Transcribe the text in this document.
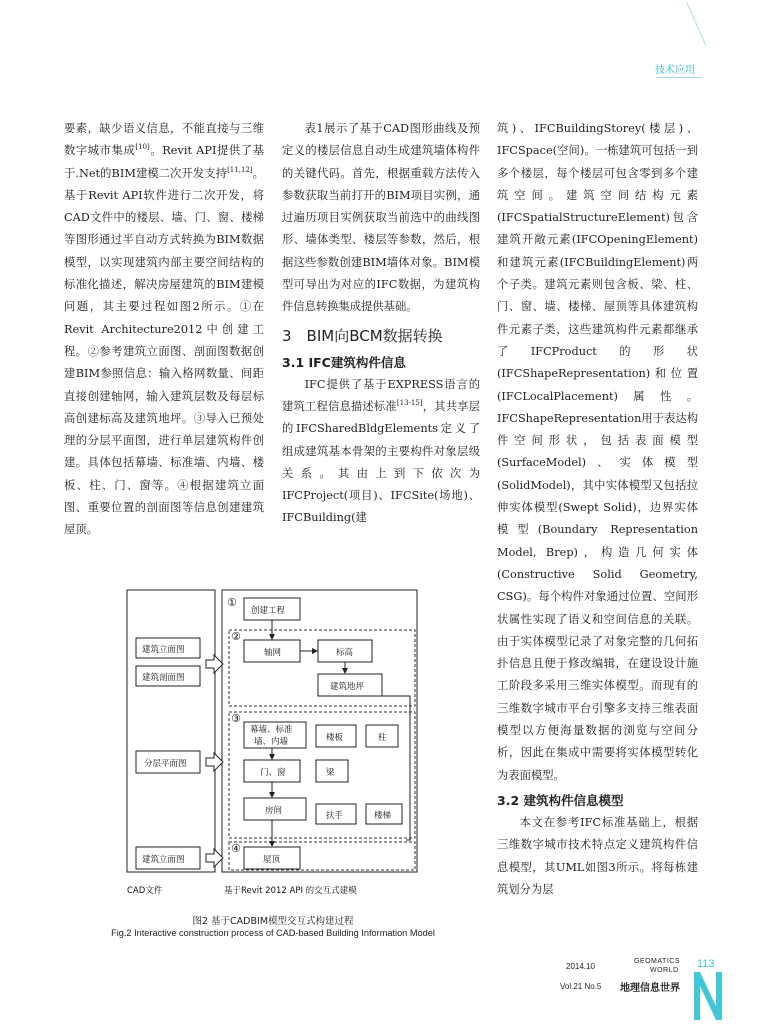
技术应用

要素，缺少语义信息，不能直接与三维数字城市集成[10]。Revit API提供了基于.Net的BIM建模二次开发支持[11,12]。基于Revit API软件进行二次开发，将CAD文件中的楼层、墙、门、窗、楼梯等图形通过半自动方式转换为BIM数据模型，以实现建筑内部主要空间结构的标准化描述，解决房屋建筑的BIM建模问题，其主要过程如图2所示。①在Revit Architecture2012中创建工程。②参考建筑立面图、剖面图数据创建BIM参照信息：输入格网数量、间距直接创建轴网，输入建筑层数及每层标高创建标高及建筑地坪。③导入已预处理的分层平面图，进行单层建筑构件创建。具体包括幕墙、标准墙、内墙、楼板、柱、门、窗等。④根据建筑立面图、重要位置的剖面图等信息创建建筑屋顶。

表1展示了基于CAD图形曲线及预定义的楼层信息自动生成建筑墙体构件的关键代码。首先，根据重载方法传入参数获取当前打开的BIM项目实例，通过遍历项目实例获取当前选中的曲线图形、墙体类型、楼层等参数，然后，根据这些参数创建BIM墙体对象。BIM模型可导出为对应的IFC数据，为建筑构件信息转换集成提供基础。

3　BIM向BCM数据转换
3.1 IFC建筑构件信息

IFC提供了基于EXPRESS语言的建筑工程信息描述标准[13-15]，其共享层的IFCSharedBldgElements定义了组成建筑基本骨架的主要构件对象层级关系。其由上到下依次为IFCProject(项目)、IFCSite(场地)、IFCBuilding(建

筑)、IFCBuildingStorey(楼层)、IFCSpace(空间)。一栋建筑可包括一到多个楼层，每个楼层可包含零到多个建筑空间。建筑空间结构元素(IFCSpatialStructureElement)包含建筑开敞元素(IFCOpeningElement)和建筑元素(IFCBuildingElement)两个子类。建筑元素则包含板、梁、柱、门、窗、墙、楼梯、屋顶等具体建筑构件元素子类，这些建筑构件元素都继承了IFCProduct的形状(IFCShapeRepresentation)和位置(IFCLocalPlacement)属性。IFCShapeRepresentation用于表达构件空间形状，包括表面模型(SurfaceModel)、实体模型(SolidModel)，其中实体模型又包括拉伸实体模型(Swept Solid)，边界实体模型(Boundary Representation Model, Brep)，构造几何实体(Constructive Solid Geometry, CSG)。每个构件对象通过位置、空间形状属性实现了语义和空间信息的关联。由于实体模型记录了对象完整的几何拓扑信息且便于修改编辑，在建设设计施工阶段多采用三维实体模型。而现有的三维数字城市平台引擎多支持三维表面模型以方便海量数据的浏览与空间分析，因此在集成中需要将实体模型转化为表面模型。

3.2 建筑构件信息模型

本文在参考IFC标准基础上，根据三维数字城市技术特点定义建筑构件信息模型，其UML如图3所示。将每栋建筑划分为层

①
②
③
④
创建工程
建筑立面图
建筑剖面图
分层平面图
建筑立面图
轴网	标高
建筑地坪
幕墙、标准
墙、内墙	楼板	柱
门、窗	梁
房间	扶手	楼梯
屋顶
CAD文件	基于Revit 2012 API 的交互式建模
图2 基于CADBIM模型交互式构建过程
Fig.2 Interactive construction process of CAD-based Building Information Model
2014.10
Vol.21 No.5
GEOMATICS
WORLD
地理信息世界
113
